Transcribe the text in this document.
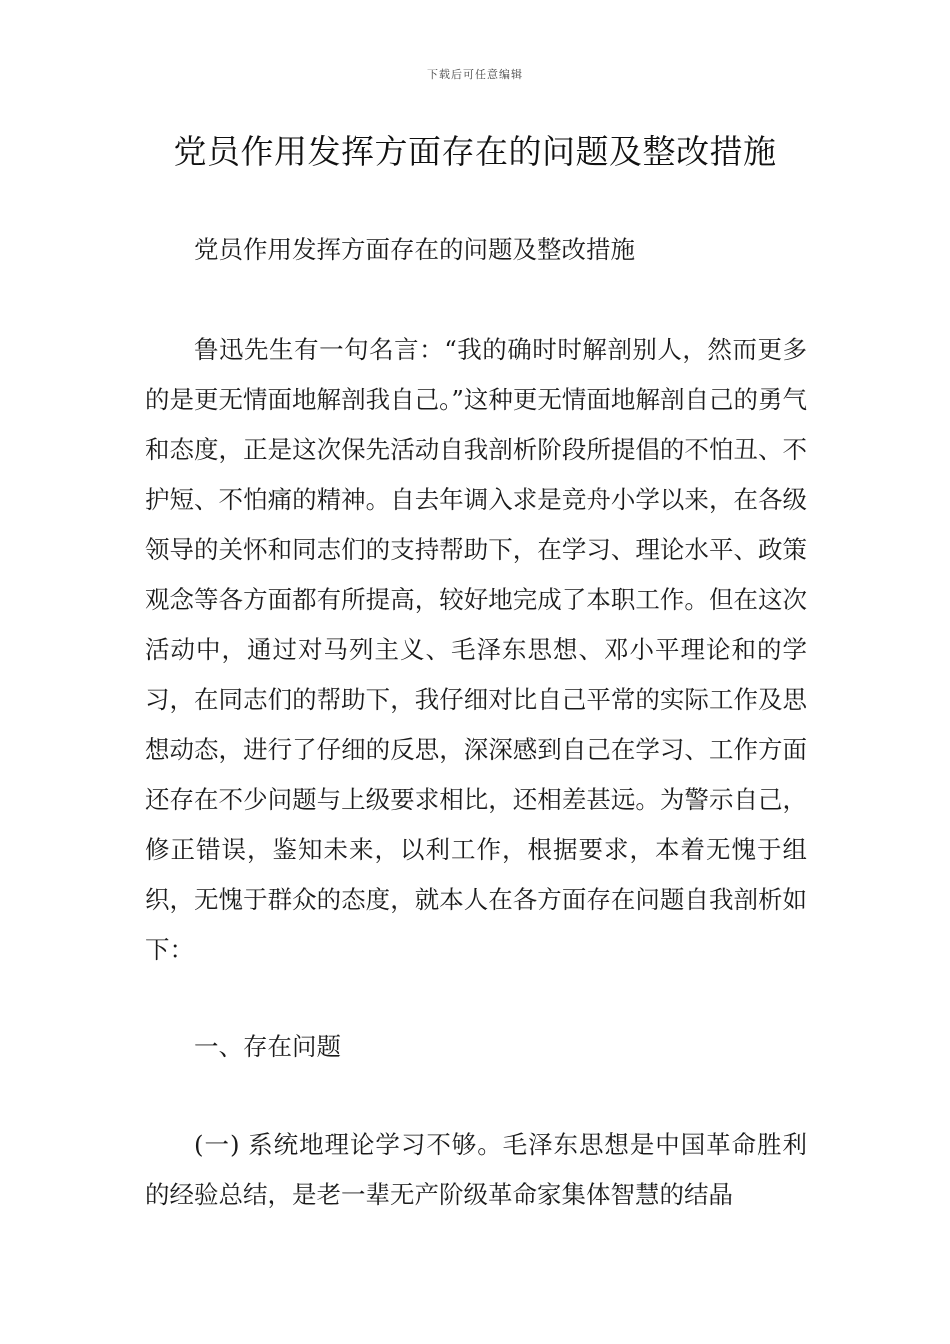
下载后可任意编辑
党员作用发挥方面存在的问题及整改措施

党员作用发挥方面存在的问题及整改措施

鲁迅先生有一句名言：“我的确时时解剖别人，然而更多的是更无情面地解剖我自己。”这种更无情面地解剖自己的勇气和态度，正是这次保先活动自我剖析阶段所提倡的不怕丑、不护短、不怕痛的精神。自去年调入求是竞舟小学以来，在各级领导的关怀和同志们的支持帮助下，在学习、理论水平、政策观念等各方面都有所提高，较好地完成了本职工作。但在这次活动中，通过对马列主义、毛泽东思想、邓小平理论和的学习，在同志们的帮助下，我仔细对比自己平常的实际工作及思想动态，进行了仔细的反思，深深感到自己在学习、工作方面还存在不少问题与上级要求相比，还相差甚远。为警示自己，修正错误，鉴知未来，以利工作，根据要求，本着无愧于组织，无愧于群众的态度，就本人在各方面存在问题自我剖析如下：

一、存在问题

(一) 系统地理论学习不够。毛泽东思想是中国革命胜利的经验总结，是老一辈无产阶级革命家集体智慧的结晶
